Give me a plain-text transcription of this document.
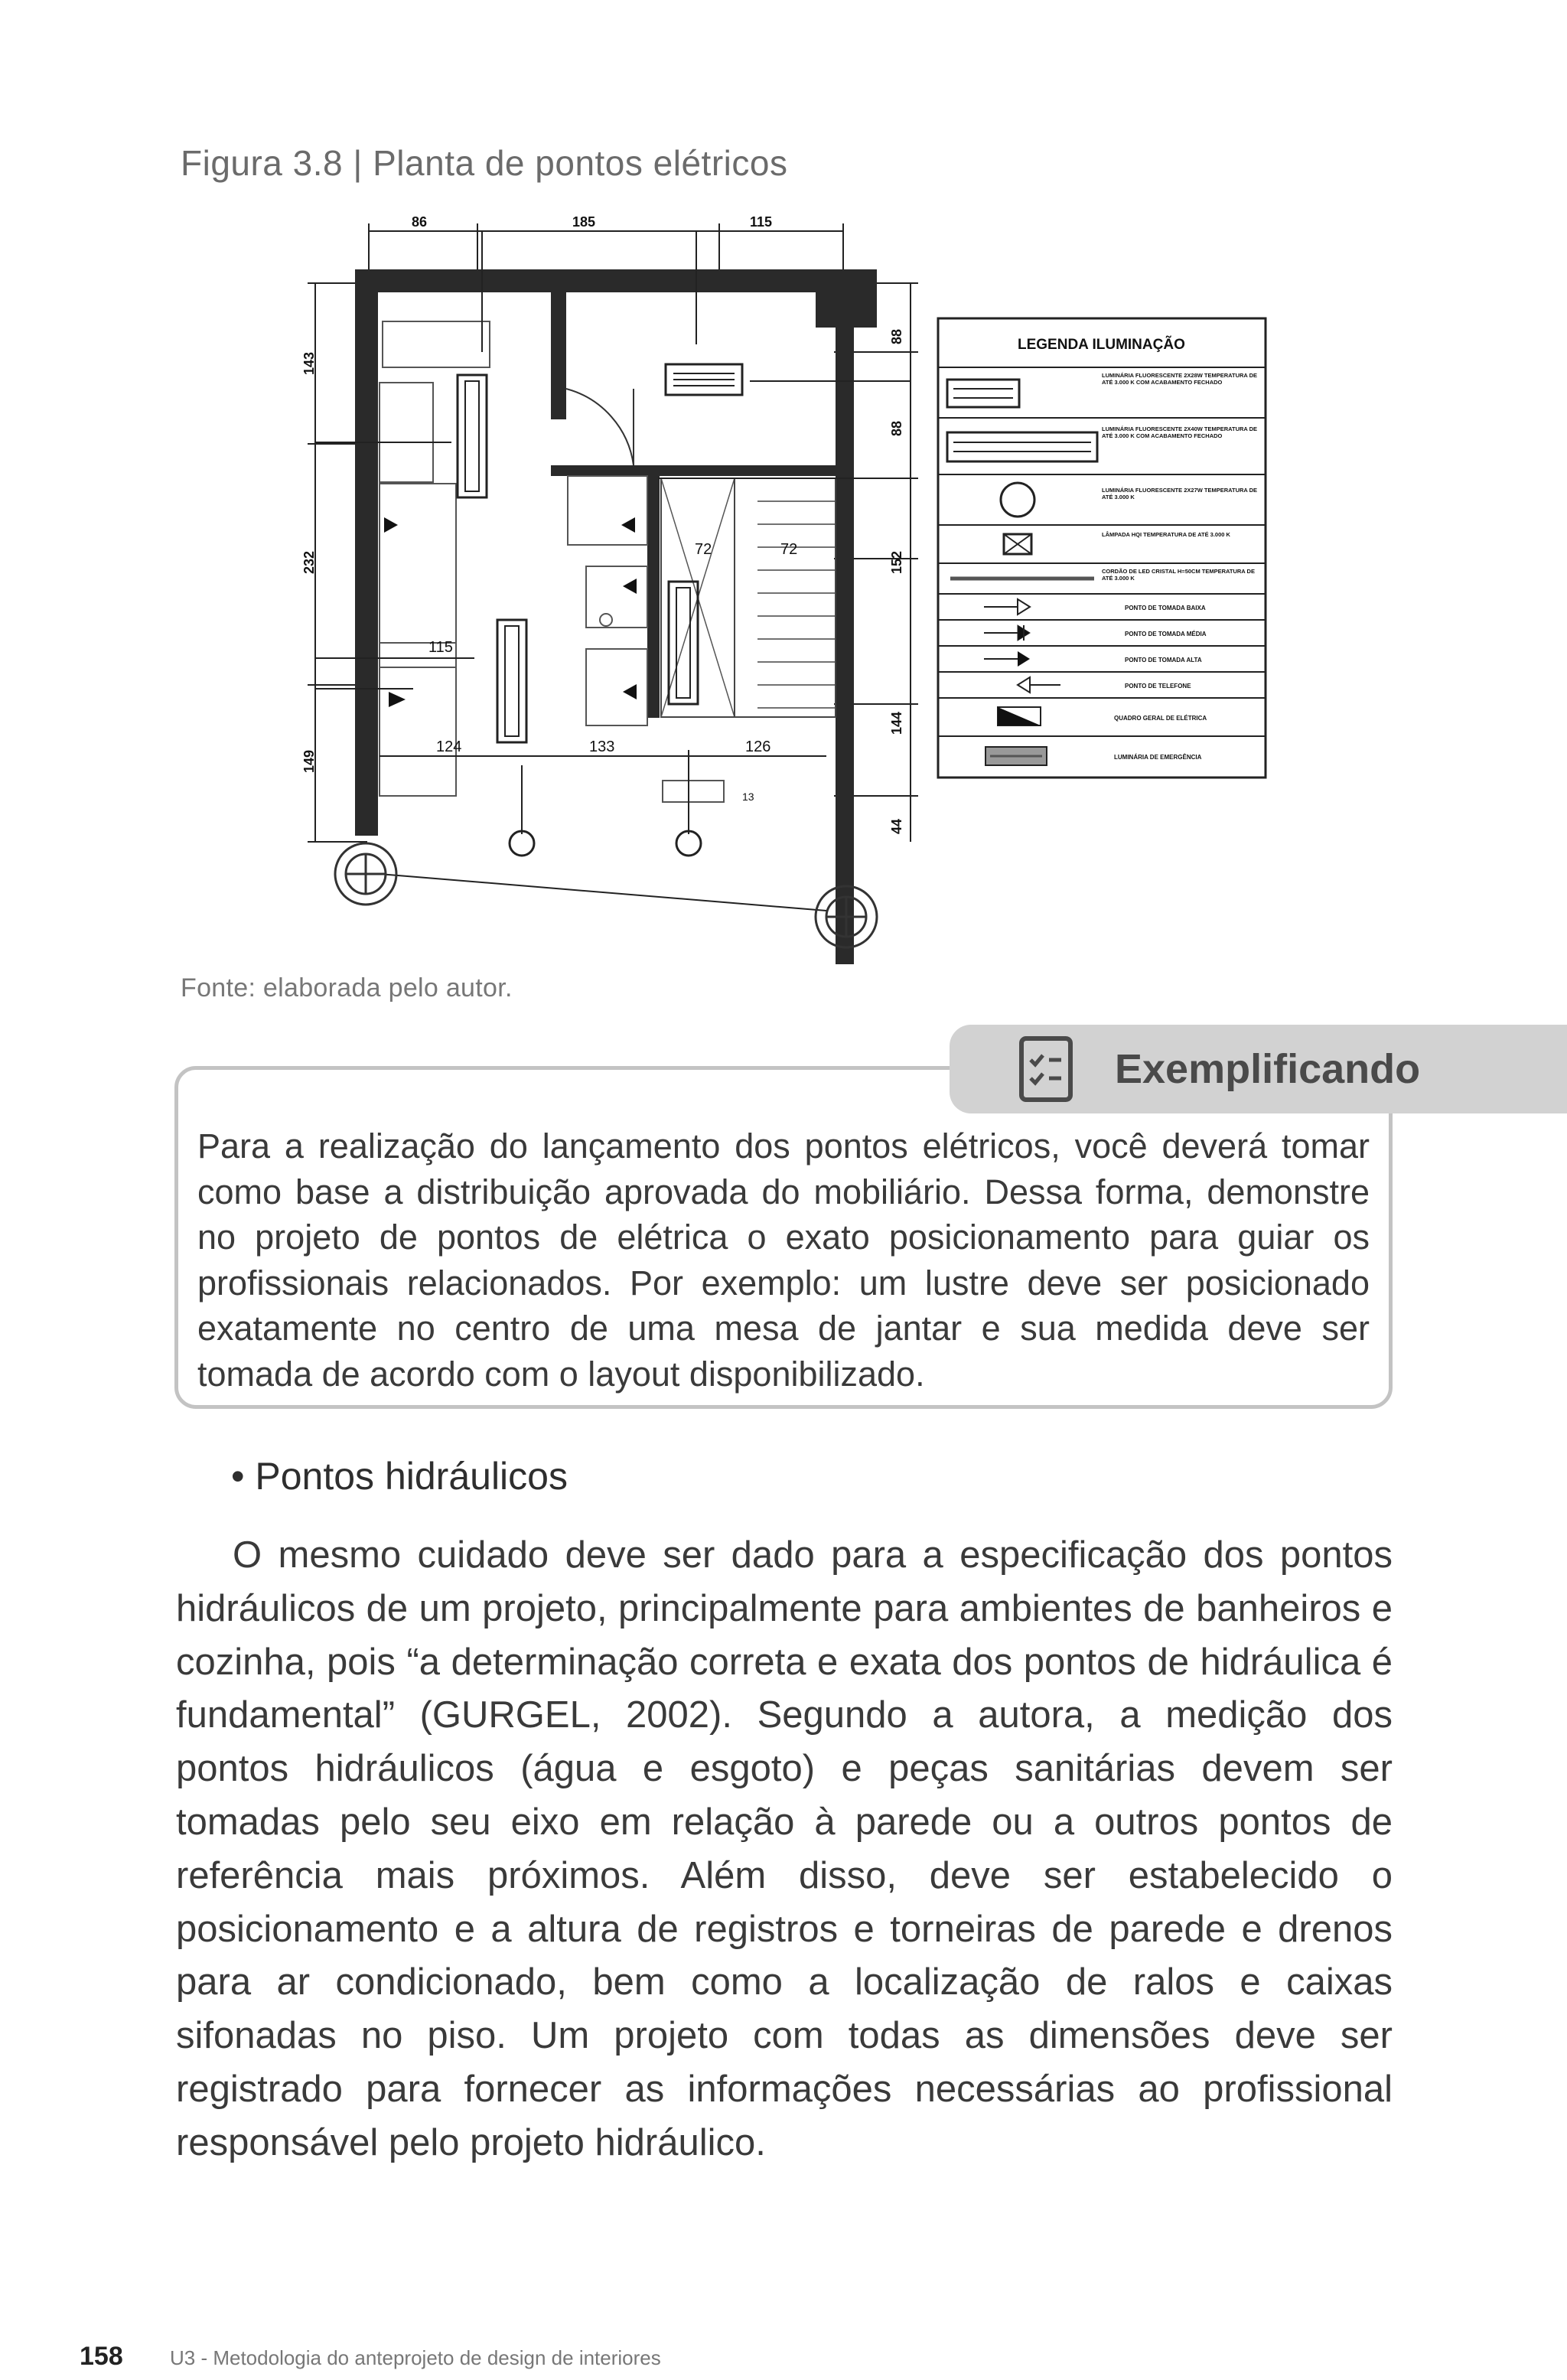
Figura 3.8 | Planta de pontos elétricos
86	185	115
143
232
149
88
88
152
144
44
72	72
115
124	133	126
13
LEGENDA ILUMINAÇÃO
LUMINÁRIA FLUORESCENTE 2X28W TEMPERATURA DE ATÉ 3.000 K COM ACABAMENTO FECHADO
LUMINÁRIA FLUORESCENTE 2X40W TEMPERATURA DE ATÉ 3.000 K COM ACABAMENTO FECHADO
LUMINÁRIA FLUORESCENTE 2X27W TEMPERATURA DE ATÉ 3.000 K
LÂMPADA HQI TEMPERATURA DE ATÉ 3.000 K
CORDÃO DE LED CRISTAL H=50CM TEMPERATURA DE ATÉ 3.000 K
PONTO DE TOMADA BAIXA
PONTO DE TOMADA MÉDIA
PONTO DE TOMADA ALTA
PONTO DE TELEFONE
QUADRO GERAL DE ELÉTRICA
LUMINÁRIA DE EMERGÊNCIA
Fonte: elaborada pelo autor.
Exemplificando
Para a realização do lançamento dos pontos elétricos, você deverá tomar como base a distribuição aprovada do mobiliário. Dessa forma, demonstre no projeto de pontos de elétrica o exato posicionamento para guiar os profissionais relacionados. Por exemplo: um lustre deve ser posicionado exatamente no centro de uma mesa de jantar e sua medida deve ser tomada de acordo com o layout disponibilizado.
• Pontos hidráulicos
O mesmo cuidado deve ser dado para a especificação dos pontos hidráulicos de um projeto, principalmente para ambientes de banheiros e cozinha, pois “a determinação correta e exata dos pontos de hidráulica é fundamental” (GURGEL, 2002). Segundo a autora, a medição dos pontos hidráulicos (água e esgoto) e peças sanitárias devem ser tomadas pelo seu eixo em relação à parede ou a outros pontos de referência mais próximos. Além disso, deve ser estabelecido o posicionamento e a altura de registros e torneiras de parede e drenos para ar condicionado, bem como a localização de ralos e caixas sifonadas no piso. Um projeto com todas as dimensões deve ser registrado para fornecer as informações necessárias ao profissional responsável pelo projeto hidráulico.
158 U3 - Metodologia do anteprojeto de design de interiores
